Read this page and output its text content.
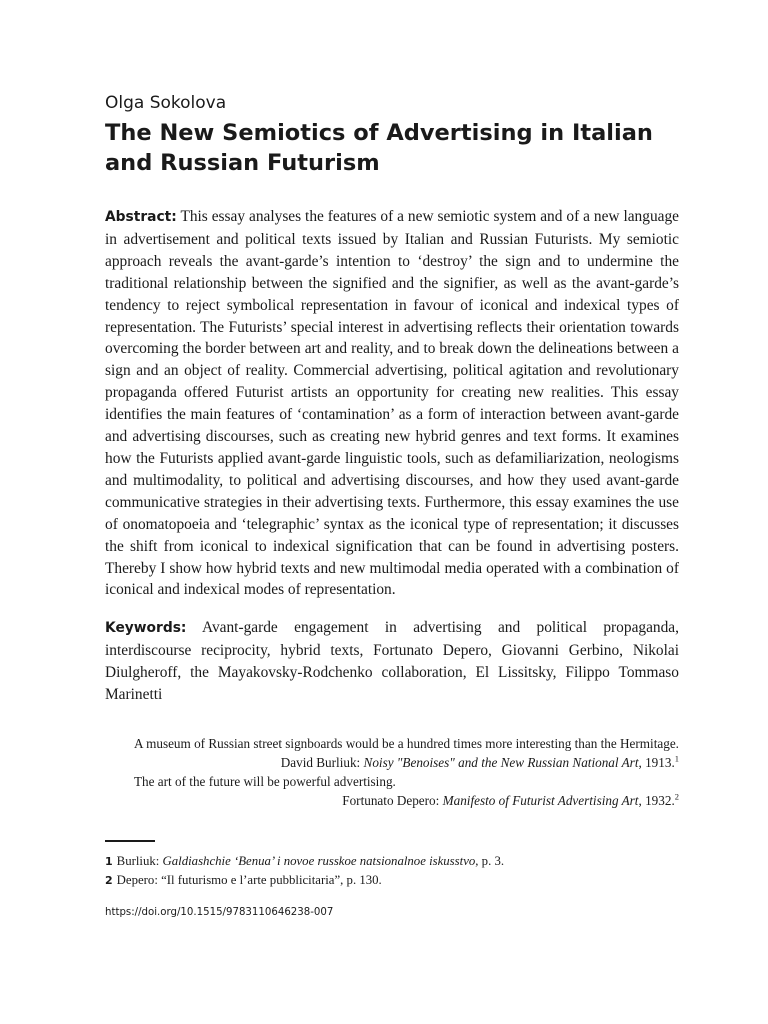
Olga Sokolova
The New Semiotics of Advertising in Italian
and Russian Futurism
Abstract: This essay analyses the features of a new semiotic system and of a new language in advertisement and political texts issued by Italian and Russian Futurists. My semiotic approach reveals the avant-garde’s intention to ‘destroy’ the sign and to undermine the traditional relationship between the signified and the signifier, as well as the avant-garde’s tendency to reject symbolical representation in favour of iconical and indexical types of representation. The Futurists’ special interest in advertising reflects their orientation towards overcoming the border between art and reality, and to break down the delineations between a sign and an object of reality. Commercial advertising, political agitation and revolutionary propaganda offered Futurist artists an opportunity for creating new realities. This essay identifies the main features of ‘contamination’ as a form of interaction between avant-garde and advertising discourses, such as creating new hybrid genres and text forms. It examines how the Futurists applied avant-garde linguistic tools, such as defamiliarization, neologisms and multimodality, to political and advertising discourses, and how they used avant-garde communicative strategies in their advertising texts. Furthermore, this essay examines the use of onomatopoeia and ‘telegraphic’ syntax as the iconical type of representation; it discusses the shift from iconical to indexical signification that can be found in advertising posters. Thereby I show how hybrid texts and new multimodal media operated with a combination of iconical and indexical modes of representation.
Keywords: Avant-garde engagement in advertising and political propaganda, interdiscourse reciprocity, hybrid texts, Fortunato Depero, Giovanni Gerbino, Nikolai Diulgheroff, the Mayakovsky-Rodchenko collaboration, El Lissitsky, Filippo Tommaso Marinetti
A museum of Russian street signboards would be a hundred times more interesting than the Hermitage.
David Burliuk: Noisy "Benoises" and the New Russian National Art, 1913.$^1$
The art of the future will be powerful advertising.
Fortunato Depero: Manifesto of Futurist Advertising Art, 1932.$^2$
1 Burliuk: Galdiashchie ‘Benua’ i novoe russkoe natsionalnoe iskusstvo, p. 3.
2 Depero: “Il futurismo e l’arte pubblicitaria”, p. 130.
https://doi.org/10.1515/9783110646238-007
